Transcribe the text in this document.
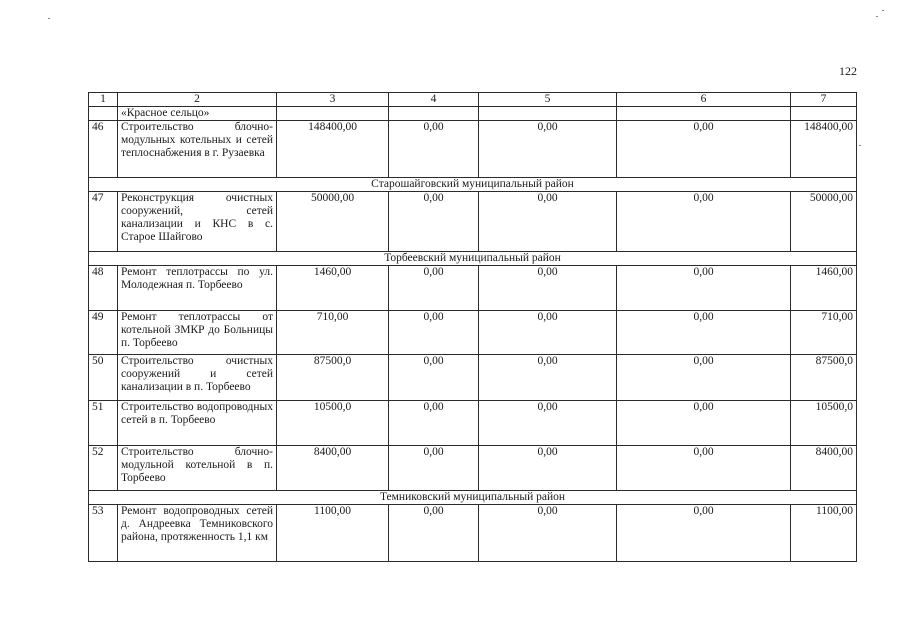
122
1	2	3	4	5	6	7
	«Красное сельцо»					
46	Строительство блочно-модульных котельных и сетей теплоснабжения в г. Рузаевка	148400,00	0,00	0,00	0,00	148400,00
Старошайговский муниципальный район						
47	Реконструкция очистных сооружений, сетей канализации и КНС в с. Старое Шайгово	50000,00	0,00	0,00	0,00	50000,00
Торбеевский муниципальный район						
48	Ремонт теплотрассы по ул. Молодежная п. Торбеево	1460,00	0,00	0,00	0,00	1460,00
49	Ремонт теплотрассы от котельной ЗМКР до Больницы п. Торбеево	710,00	0,00	0,00	0,00	710,00
50	Строительство очистных сооружений и сетей канализации в п. Торбеево	87500,0	0,00	0,00	0,00	87500,0
51	Строительство водопроводных сетей в п. Торбеево	10500,0	0,00	0,00	0,00	10500,0
52	Строительство блочно-модульной котельной в п. Торбеево	8400,00	0,00	0,00	0,00	8400,00
Темниковский муниципальный район						
53	Ремонт водопроводных сетей д. Андреевка Темниковского района, протяженность 1,1 км	1100,00	0,00	0,00	0,00	1100,00
